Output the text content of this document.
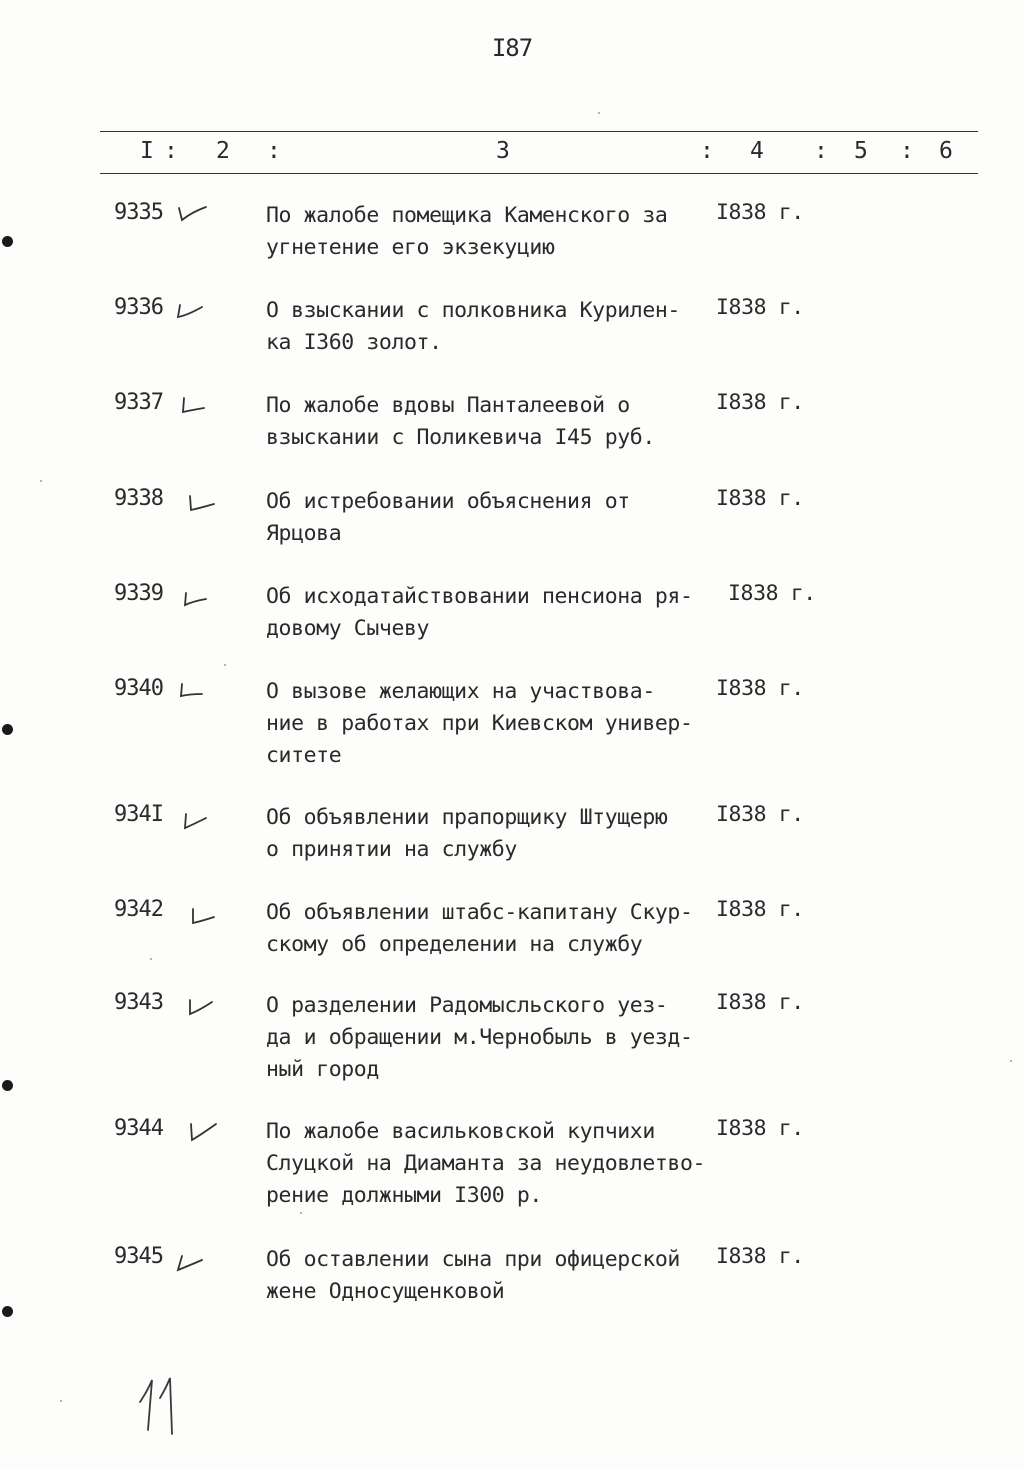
I87
I : 2 :	3	: 4 : 5 : 6
9335	По жалобе помещика Каменского за
угнетение его экзекуцию
I838 г.
9336	О взыскании с полковника Курилен-
ка I360 золот.
I838 г.
9337	По жалобе вдовы Панталеевой о
взыскании с Поликевича I45 руб.
I838 г.
9338	Об истребовании объяснения от
Ярцова
I838 г.
9339	Об исходатайствовании пенсиона ря-
довому Сычеву
I838 г.
9340	О вызове желающих на участвова-
ние в работах при Киевском универ-
ситете
I838 г.
934I	Об объявлении прапорщику Штущерю
о принятии на службу
I838 г.
9342	Об объявлении штабс-капитану Скур-
скому об определении на службу
I838 г.
9343	О разделении Радомысльского уез-
да и обращении м.Чернобыль в уезд-
ный город
I838 г.
9344	По жалобе васильковской купчихи
Слуцкой на Диаманта за неудовлетво-
рение должными I300 р.
I838 г.
9345	Об оставлении сына при офицерской
жене Односущенковой
I838 г.
